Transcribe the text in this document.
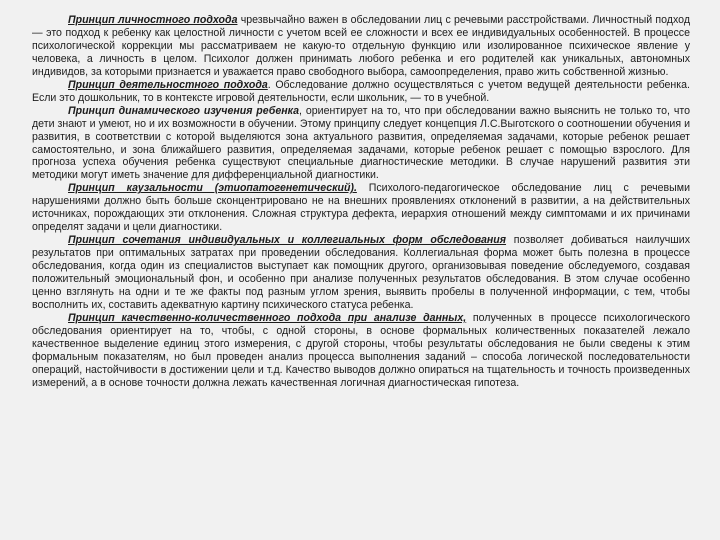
Принцип личностного подхода чрезвычайно важен в обследовании лиц с речевыми расстройствами. Личностный подход — это подход к ребенку как целостной личности с учетом всей ее сложности и всех ее индивидуальных особенностей. В процессе психологической коррекции мы рассматриваем не какую-то отдельную функцию или изолированное психическое явление у человека, а личность в целом. Психолог должен принимать любого ребенка и его родителей как уникальных, автономных индивидов, за которыми признается и уважается право свободного выбора, самоопределения, право жить собственной жизнью.

Принцип деятельностного подхода. Обследование должно осуществляться с учетом ведущей деятельности ребенка. Если это дошкольник, то в контексте игровой деятельности, если школьник, — то в учебной.

Принцип динамического изучения ребенка, ориентирует на то, что при обследовании важно выяснить не только то, что дети знают и умеют, но и их возможности в обучении. Этому принципу следует концепция Л.С.Выготского о соотношении обучения и развития, в соответствии с которой выделяются зона актуального развития, определяемая задачами, которые ребенок решает самостоятельно, и зона ближайшего развития, определяемая задачами, которые ребенок решает с помощью взрослого. Для прогноза успеха обучения ребенка существуют специальные диагностические методики. В случае нарушений развития эти методики могут иметь значение для дифференциальной диагностики.

Принцип каузальности (этиопатогенетический). Психолого-педагогическое обследование лиц с речевыми нарушениями должно быть больше сконцентрировано не на внешних проявлениях отклонений в развитии, а на действительных источниках, порождающих эти отклонения. Сложная структура дефекта, иерархия отношений между симптомами и их причинами определят задачи и цели диагностики.

Принцип сочетания индивидуальных и коллегиальных форм обследования позволяет добиваться наилучших результатов при оптимальных затратах при проведении обследования. Коллегиальная форма может быть полезна в процессе обследования, когда один из специалистов выступает как помощник другого, организовывая поведение обследуемого, создавая положительный эмоциональный фон, и особенно при анализе полученных результатов обследования. В этом случае особенно ценно взглянуть на одни и те же факты под разным углом зрения, выявить пробелы в полученной информации, с тем, чтобы восполнить их, составить адекватную картину психического статуса ребенка.

Принцип качественно-количественного подхода при анализе данных, полученных в процессе психологического обследования ориентирует на то, чтобы, с одной стороны, в основе формальных количественных показателей лежало качественное выделение единиц этого измерения, с другой стороны, чтобы результаты обследования не были сведены к этим формальным показателям, но был проведен анализ процесса выполнения заданий – способа логической последовательности операций, настойчивости в достижении цели и т.д. Качество выводов должно опираться на тщательность и точность произведенных измерений, а в основе точности должна лежать качественная логичная диагностическая гипотеза.
